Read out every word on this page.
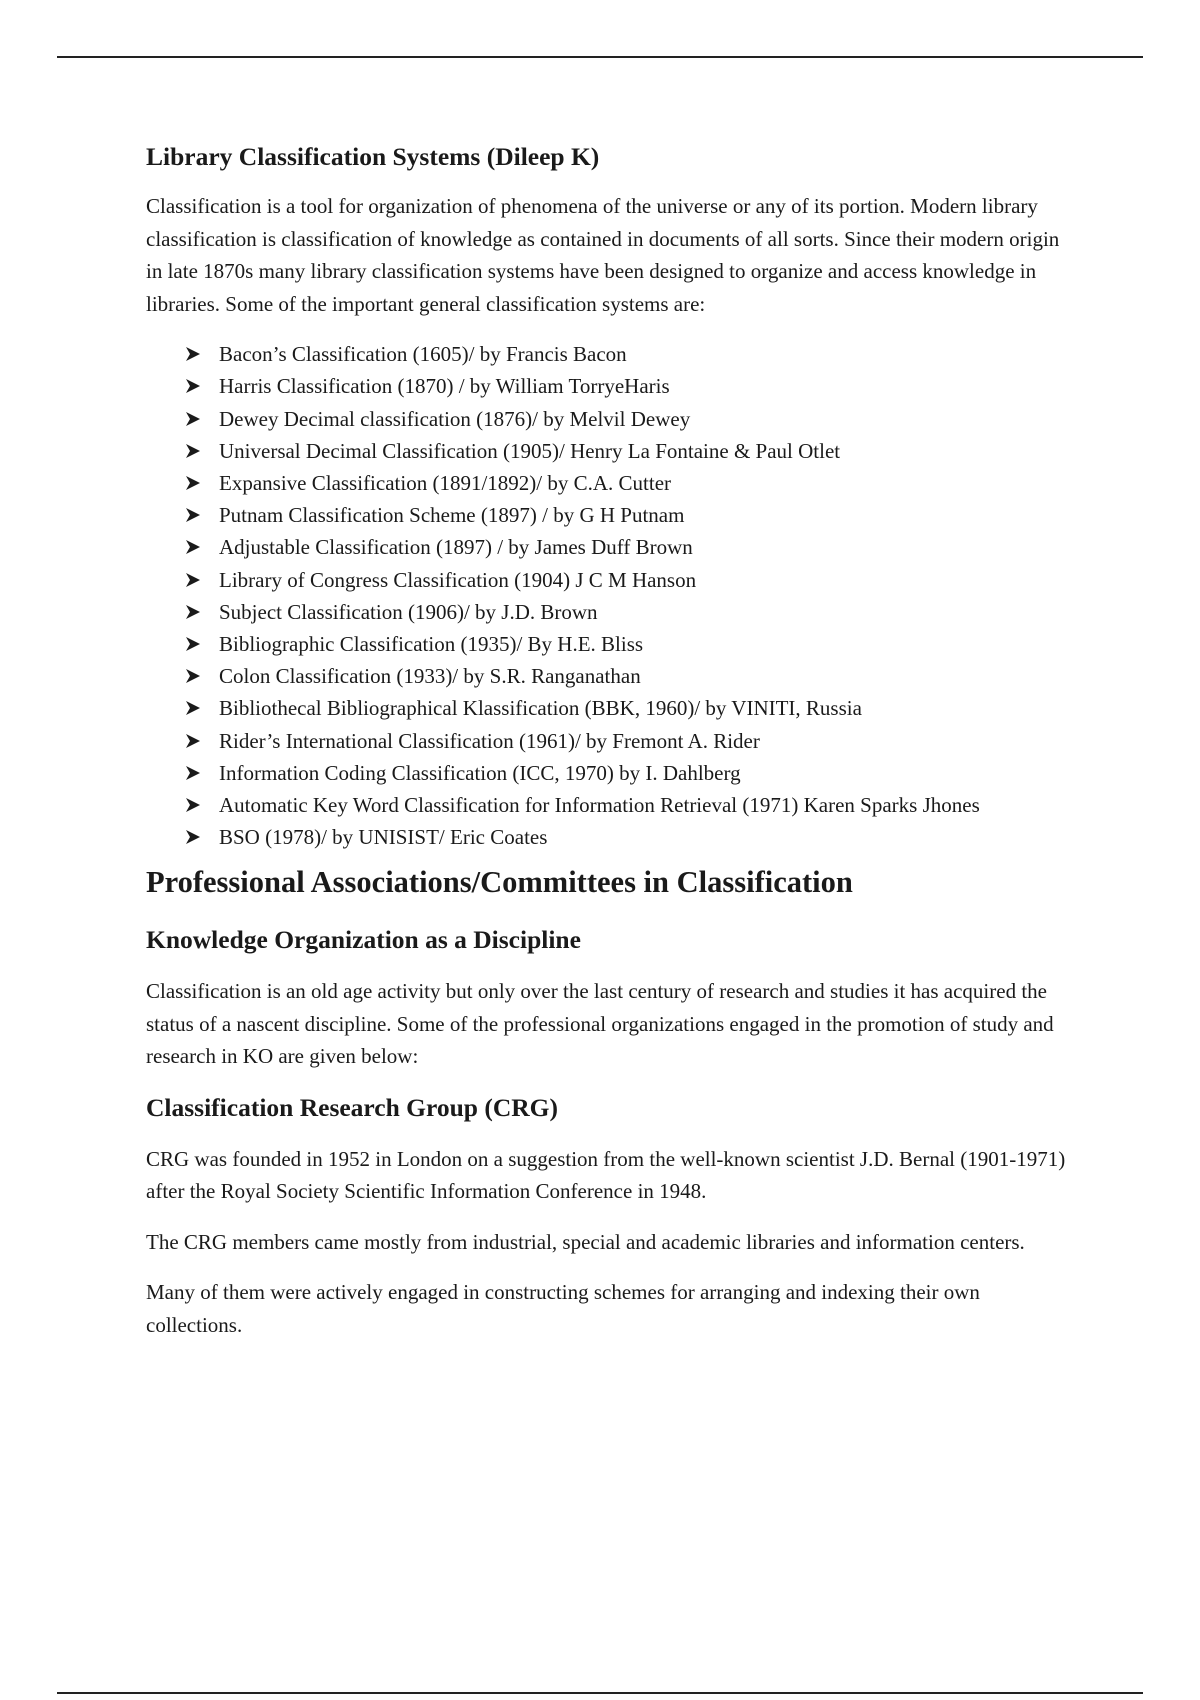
Library Classification Systems (Dileep K)

Classification is a tool for organization of phenomena of the universe or any of its portion. Modern library classification is classification of knowledge as contained in documents of all sorts. Since their modern origin in late 1870s many library classification systems have been designed to organize and access knowledge in libraries. Some of the important general classification systems are:

Bacon’s Classification (1605)/ by Francis Bacon
Harris Classification (1870) / by William TorryeHaris
Dewey Decimal classification (1876)/ by Melvil Dewey
Universal Decimal Classification (1905)/ Henry La Fontaine & Paul Otlet
Expansive Classification (1891/1892)/ by C.A. Cutter
Putnam Classification Scheme (1897) / by G H Putnam
Adjustable Classification (1897) / by James Duff Brown
Library of Congress Classification (1904) J C M Hanson
Subject Classification (1906)/ by J.D. Brown
Bibliographic Classification (1935)/ By H.E. Bliss
Colon Classification (1933)/ by S.R. Ranganathan
Bibliothecal Bibliographical Klassification (BBK, 1960)/ by VINITI, Russia
Rider’s International Classification (1961)/ by Fremont A. Rider
Information Coding Classification (ICC, 1970) by I. Dahlberg
Automatic Key Word Classification for Information Retrieval (1971) Karen Sparks Jhones
BSO (1978)/ by UNISIST/ Eric Coates
Professional Associations/Committees in Classification
Knowledge Organization as a Discipline

Classification is an old age activity but only over the last century of research and studies it has acquired the status of a nascent discipline. Some of the professional organizations engaged in the promotion of study and research in KO are given below:

Classification Research Group (CRG)

CRG was founded in 1952 in London on a suggestion from the well-known scientist J.D. Bernal (1901-1971) after the Royal Society Scientific Information Conference in 1948.

The CRG members came mostly from industrial, special and academic libraries and information centers.

Many of them were actively engaged in constructing schemes for arranging and indexing their own collections.
